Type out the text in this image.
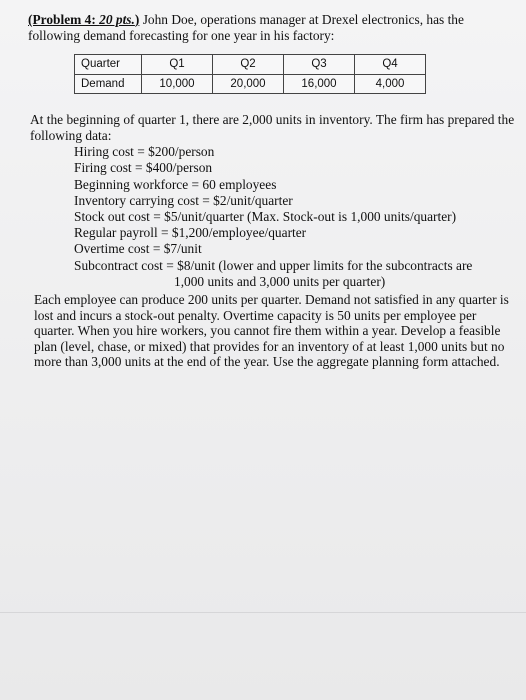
(Problem 4: 20 pts.) John Doe, operations manager at Drexel electronics, has the following demand forecasting for one year in his factory:

Quarter	Q1	Q2	Q3	Q4
Demand	10,000	20,000	16,000	4,000

At the beginning of quarter 1, there are 2,000 units in inventory. The firm has prepared the following data:

Hiring cost = $200/person
Firing cost = $400/person
Beginning workforce = 60 employees
Inventory carrying cost = $2/unit/quarter
Stock out cost = $5/unit/quarter (Max. Stock-out is 1,000 units/quarter)
Regular payroll = $1,200/employee/quarter
Overtime cost = $7/unit
Subcontract cost = $8/unit (lower and upper limits for the subcontracts are
1,000 units and 3,000 units per quarter)

Each employee can produce 200 units per quarter. Demand not satisfied in any quarter is lost and incurs a stock-out penalty. Overtime capacity is 50 units per employee per quarter. When you hire workers, you cannot fire them within a year. Develop a feasible plan (level, chase, or mixed) that provides for an inventory of at least 1,000 units but no more than 3,000 units at the end of the year. Use the aggregate planning form attached.
